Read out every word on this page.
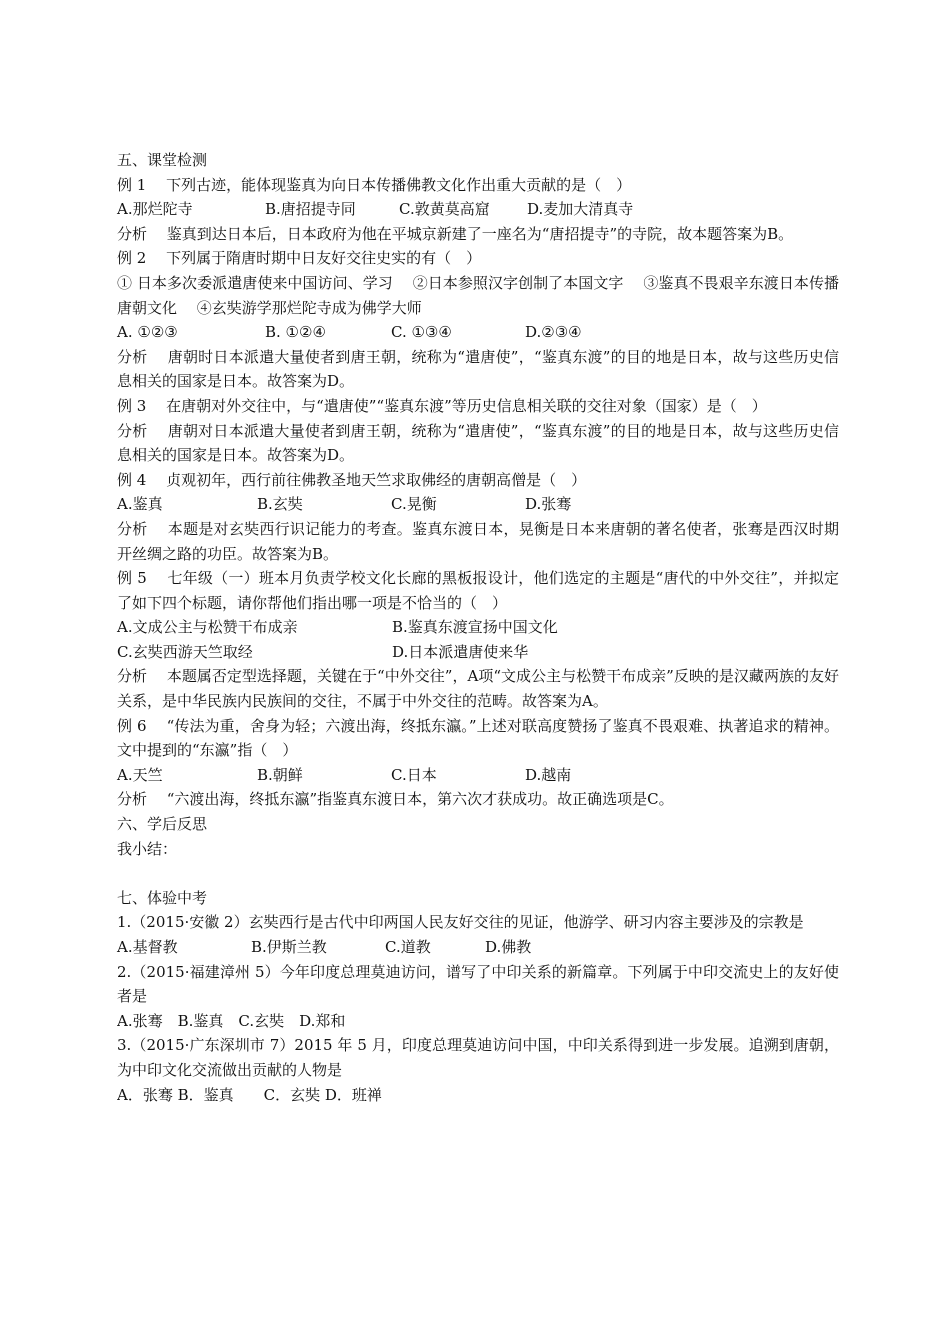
五、课堂检测
例 1　 下列古迹，能体现鉴真为向日本传播佛教文化作出重大贡献的是（　）
A.那烂陀寺	B.唐招提寺同	C.敦黄莫高窟	D.麦加大清真寺
分析　 鉴真到达日本后，日本政府为他在平城京新建了一座名为“唐招提寺”的寺院，故本题答案为B。
例 2　 下列属于隋唐时期中日友好交往史实的有（　）
① 日本多次委派遣唐使来中国访问、学习　 ②日本参照汉字创制了本国文字　 ③鉴真不畏艰辛东渡日本传播唐朝文化　 ④玄奘游学那烂陀寺成为佛学大师
A. ①②③	B. ①②④	C. ①③④	D.②③④
分析　 唐朝时日本派遣大量使者到唐王朝，统称为“遣唐使”，“鉴真东渡”的目的地是日本，故与这些历史信息相关的国家是日本。故答案为D。
例 3　 在唐朝对外交往中，与“遣唐使”“鉴真东渡”等历史信息相关联的交往对象（国家）是（　）
分析　 唐朝对日本派遣大量使者到唐王朝，统称为“遣唐使”，“鉴真东渡”的目的地是日本，故与这些历史信息相关的国家是日本。故答案为D。
例 4　 贞观初年，西行前往佛教圣地天竺求取佛经的唐朝高僧是（　）
A.鉴真	B.玄奘	C.晃衡	D.张骞
分析　 本题是对玄奘西行识记能力的考查。鉴真东渡日本，晃衡是日本来唐朝的著名使者，张骞是西汉时期开丝绸之路的功臣。故答案为B。
例 5　 七年级（一）班本月负责学校文化长廊的黑板报设计，他们选定的主题是“唐代的中外交往”，并拟定了如下四个标题，请你帮他们指出哪一项是不恰当的（　）
A.文成公主与松赞干布成亲	B.鉴真东渡宣扬中国文化
C.玄奘西游天竺取经	D.日本派遣唐使来华
分析　 本题属否定型选择题，关键在于“中外交往”，A项“文成公主与松赞干布成亲”反映的是汉藏两族的友好关系，是中华民族内民族间的交往，不属于中外交往的范畴。故答案为A。
例 6　 “传法为重，舍身为轻；六渡出海，终抵东瀛。”上述对联高度赞扬了鉴真不畏艰难、执著追求的精神。文中提到的“东瀛”指（　）
A.天竺	B.朝鲜	C.日本	D.越南
分析　 “六渡出海，终抵东瀛”指鉴真东渡日本，第六次才获成功。故正确选项是C。
六、学后反思
我小结：
七、体验中考
1.（2015·安徽 2）玄奘西行是古代中印两国人民友好交往的见证，他游学、研习内容主要涉及的宗教是
A.基督教	B.伊斯兰教	C.道教	D.佛教
2.（2015·福建漳州 5）今年印度总理莫迪访问，谱写了中印关系的新篇章。下列属于中印交流史上的友好使者是
A.张骞　B.鉴真　C.玄奘　D.郑和
3.（2015·广东深圳市 7）2015 年 5 月，印度总理莫迪访问中国，中印关系得到进一步发展。追溯到唐朝，为中印文化交流做出贡献的人物是
A．张骞 B．鉴真　　C．玄奘 D．班禅
